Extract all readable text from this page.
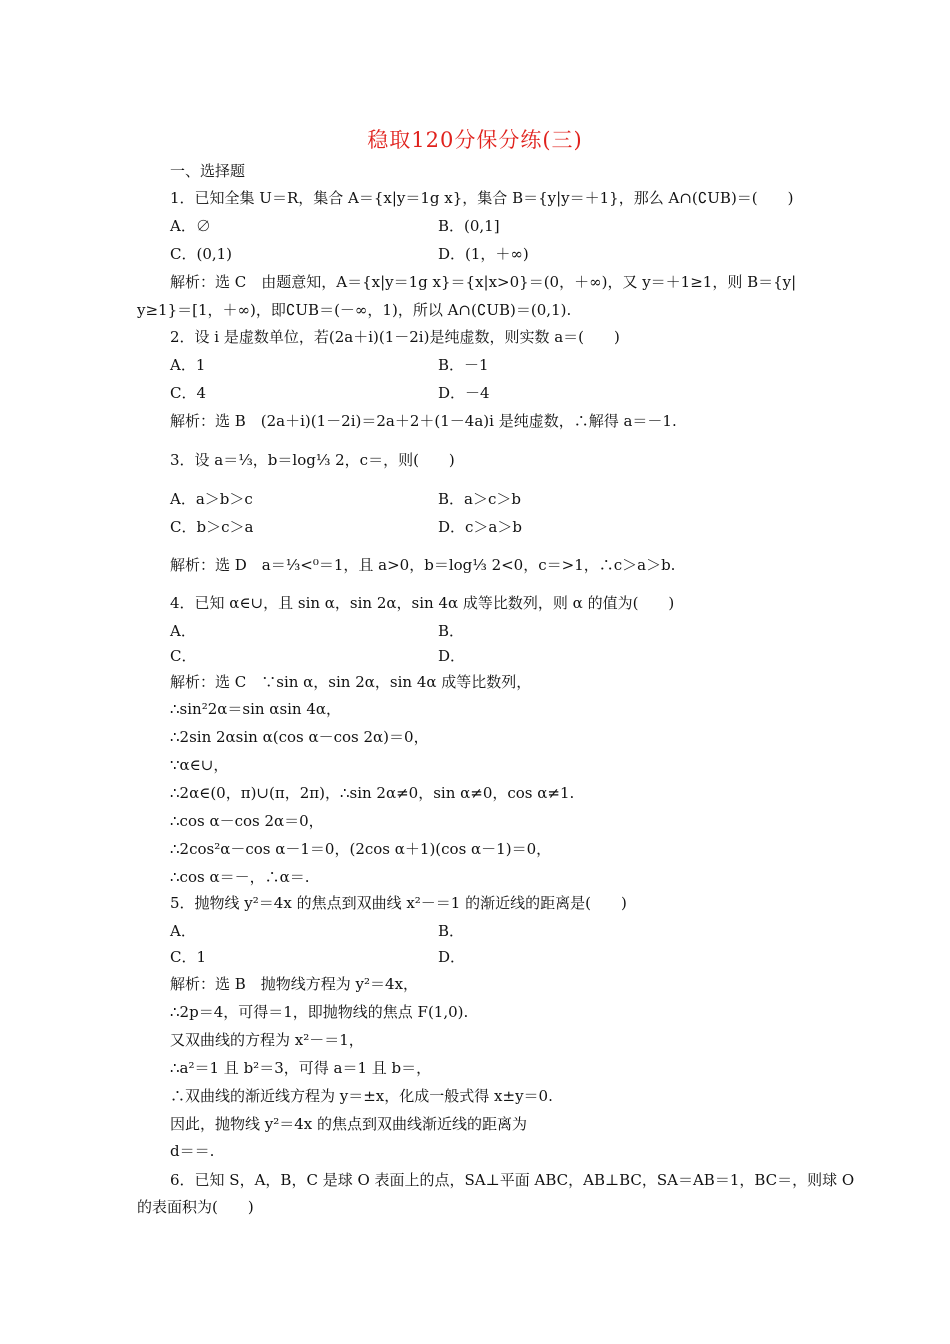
稳取120分保分练(三)
一、选择题
1．已知全集 U＝R，集合 A＝{x|y＝1g x}，集合 B＝{y|y＝＋1}，那么 A∩(∁UB)＝(　　)
A．∅	B．(0,1]
C．(0,1)	D．(1，＋∞)
解析：选 C　由题意知，A＝{x|y＝1g x}＝{x|x>0}＝(0，＋∞)，又 y＝＋1≥1，则 B＝{y|
y≥1}＝[1，＋∞)，即∁UB＝(－∞，1)，所以 A∩(∁UB)＝(0,1).
2．设 i 是虚数单位，若(2a＋i)(1－2i)是纯虚数，则实数 a＝(　　)
A．1	B．－1
C．4	D．－4
解析：选 B　(2a＋i)(1－2i)＝2a＋2＋(1－4a)i 是纯虚数，∴解得 a＝－1.
3．设 a＝⅓，b＝log⅓ 2，c＝，则(　　)
A．a＞b＞c	B．a＞c＞b
C．b＞c＞a	D．c＞a＞b
解析：选 D　a＝⅓<⁰＝1，且 a>0，b＝log⅓ 2<0，c＝>1，∴c＞a＞b.
4．已知 α∈∪，且 sin α，sin 2α，sin 4α 成等比数列，则 α 的值为(　　)
A．	B．
C．	D．
解析：选 C　∵sin α，sin 2α，sin 4α 成等比数列，
∴sin²2α＝sin αsin 4α，
∴2sin 2αsin α(cos α－cos 2α)＝0，
∵α∈∪，
∴2α∈(0，π)∪(π，2π)，∴sin 2α≠0，sin α≠0，cos α≠1.
∴cos α－cos 2α＝0，
∴2cos²α－cos α－1＝0，(2cos α＋1)(cos α－1)＝0，
∴cos α＝－，∴α＝.
5．抛物线 y²＝4x 的焦点到双曲线 x²－＝1 的渐近线的距离是(　　)
A．	B．
C．1	D．
解析：选 B　抛物线方程为 y²＝4x，
∴2p＝4，可得＝1，即抛物线的焦点 F(1,0).
又双曲线的方程为 x²－＝1，
∴a²＝1 且 b²＝3，可得 a＝1 且 b＝，
∴双曲线的渐近线方程为 y＝±x，化成一般式得 x±y＝0.
因此，抛物线 y²＝4x 的焦点到双曲线渐近线的距离为
d＝＝.
6．已知 S，A，B，C 是球 O 表面上的点，SA⊥平面 ABC，AB⊥BC，SA＝AB＝1，BC＝，则球 O
的表面积为(　　)
